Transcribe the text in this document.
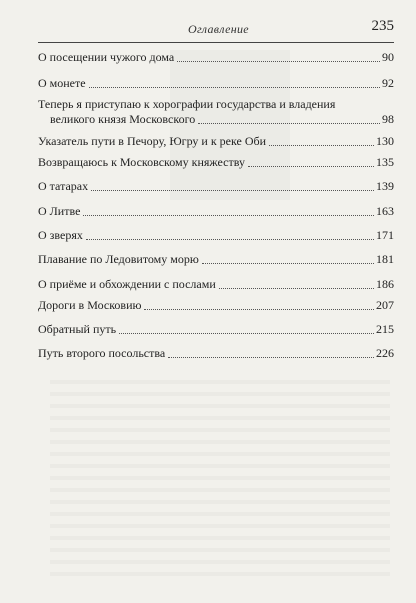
Оглавление	235
О посещении чужого дома	90
О монете	92
Теперь я приступаю к хорографии государства и владения
великого князя Московского	98
Указатель пути в Печору, Югру и к реке Оби	130
Возвращаюсь к Московскому княжеству	135
О татарах	139
О Литве	163
О зверях	171
Плавание по Ледовитому морю	181
О приёме и обхождении с послами	186
Дороги в Московию	207
Обратный путь	215
Путь второго посольства	226
